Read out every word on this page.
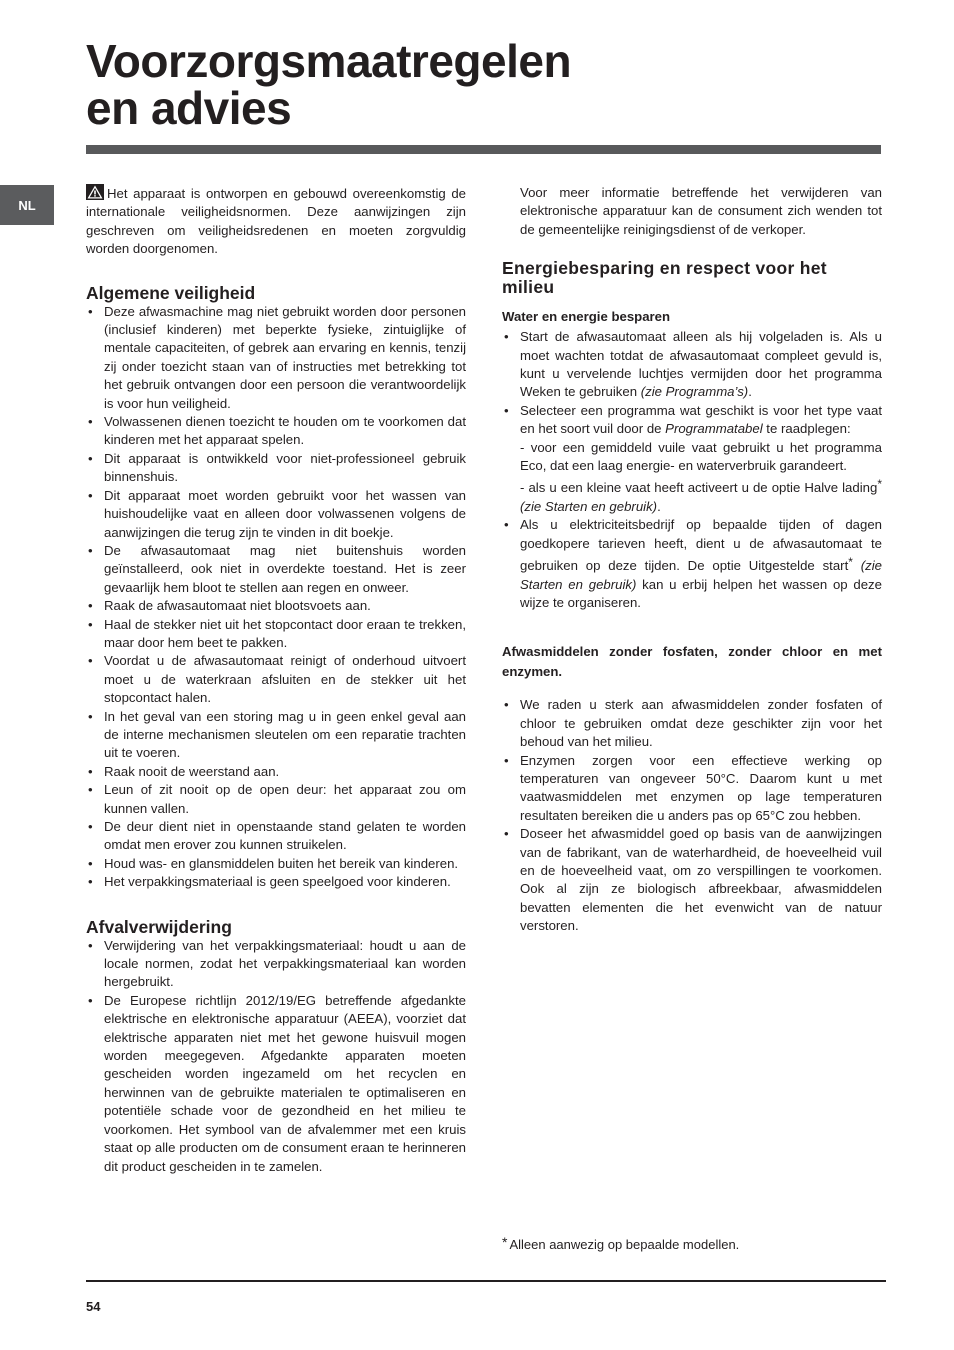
Voorzorgsmaatregelen
en advies
NL

Het apparaat is ontworpen en gebouwd overeenkomstig de internationale veiligheidsnormen. Deze aanwijzingen zijn geschreven om veiligheidsredenen en moeten zorgvuldig worden doorgenomen.

Algemene veiligheid
• Deze afwasmachine mag niet gebruikt worden door personen (inclusief kinderen) met beperkte fysieke, zintuiglijke of mentale capaciteiten, of gebrek aan ervaring en kennis, tenzij zij onder toezicht staan van of instructies met betrekking tot het gebruik ontvangen door een persoon die verantwoordelijk is voor hun veiligheid.
• Volwassenen dienen toezicht te houden om te voorkomen dat kinderen met het apparaat spelen.
• Dit apparaat is ontwikkeld voor niet-professioneel gebruik binnenshuis.
• Dit apparaat moet worden gebruikt voor het wassen van huishoudelijke vaat en alleen door volwassenen volgens de aanwijzingen die terug zijn te vinden in dit boekje.
• De afwasautomaat mag niet buitenshuis worden geïnstalleerd, ook niet in overdekte toestand. Het is zeer gevaarlijk hem bloot te stellen aan regen en onweer.
• Raak de afwasautomaat niet blootsvoets aan.
• Haal de stekker niet uit het stopcontact door eraan te trekken, maar door hem beet te pakken.
• Voordat u de afwasautomaat reinigt of onderhoud uitvoert moet u de waterkraan afsluiten en de stekker uit het stopcontact halen.
• In het geval van een storing mag u in geen enkel geval aan de interne mechanismen sleutelen om een reparatie trachten uit te voeren.
• Raak nooit de weerstand aan.
• Leun of zit nooit op de open deur: het apparaat zou om kunnen vallen.
• De deur dient niet in openstaande stand gelaten te worden omdat men erover zou kunnen struikelen.
• Houd was- en glansmiddelen buiten het bereik van kinderen.
• Het verpakkingsmateriaal is geen speelgoed voor kinderen.
Afvalverwijdering
• Verwijdering van het verpakkingsmateriaal: houdt u aan de locale normen, zodat het verpakkingsmateriaal kan worden hergebruikt.
• De Europese richtlijn 2012/19/EG betreffende afgedankte elektrische en elektronische apparatuur (AEEA), voorziet dat elektrische apparaten niet met het gewone huisvuil mogen worden meegegeven. Afgedankte apparaten moeten gescheiden worden ingezameld om het recyclen en herwinnen van de gebruikte materialen te optimaliseren en potentiële schade voor de gezondheid en het milieu te voorkomen. Het symbool van de afvalemmer met een kruis staat op alle producten om de consument eraan te herinneren dit product gescheiden in te zamelen.

Voor meer informatie betreffende het verwijderen van elektronische apparatuur kan de consument zich wenden tot de gemeentelijke reinigingsdienst of de verkoper.

Energiebesparing en respect voor het milieu
Water en energie besparen
• Start de afwasautomaat alleen als hij volgeladen is. Als u moet wachten totdat de afwasautomaat compleet gevuld is, kunt u vervelende luchtjes vermijden door het programma Weken te gebruiken (zie Programma’s).
• Selecteer een programma wat geschikt is voor het type vaat en het soort vuil door de Programmatabel te raadplegen:
- voor een gemiddeld vuile vaat gebruikt u het programma Eco, dat een laag energie- en waterverbruik garandeert.
- als u een kleine vaat heeft activeert u de optie Halve lading* (zie Starten en gebruik).
• Als u elektriciteitsbedrijf op bepaalde tijden of dagen goedkopere tarieven heeft, dient u de afwasautomaat te gebruiken op deze tijden. De optie Uitgestelde start* (zie Starten en gebruik) kan u erbij helpen het wassen op deze wijze te organiseren.
Afwasmiddelen zonder fosfaten, zonder chloor en met enzymen.
• We raden u sterk aan afwasmiddelen zonder fosfaten of chloor te gebruiken omdat deze geschikter zijn voor het behoud van het milieu.
• Enzymen zorgen voor een effectieve werking op temperaturen van ongeveer 50°C. Daarom kunt u met vaatwasmiddelen met enzymen op lage temperaturen resultaten bereiken die u anders pas op 65°C zou hebben.
• Doseer het afwasmiddel goed op basis van de aanwijzingen van de fabrikant, van de waterhardheid, de hoeveelheid vuil en de hoeveelheid vaat, om zo verspillingen te voorkomen. Ook al zijn ze biologisch afbreekbaar, afwasmiddelen bevatten elementen die het evenwicht van de natuur verstoren.
* Alleen aanwezig op bepaalde modellen.
54
